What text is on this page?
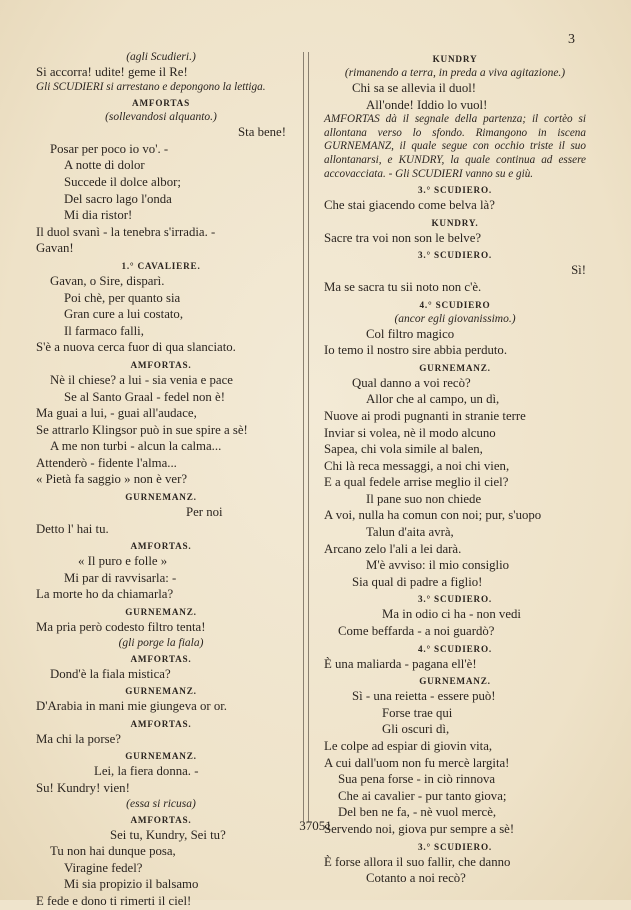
3
(agli Scudieri.)
Si accorra! udite! geme il Re!
Gli SCUDIERI si arrestano e depongono la lettiga.
AMFORTAS
(sollevandosi alquanto.)
Sta bene!
Posar per poco io vo'. -
A notte di dolor
Succede il dolce albor;
Del sacro lago l'onda
Mi dia ristor!
Il duol svanì - la tenebra s'irradia. -
Gavan!
1.° CAVALIERE.
Gavan, o Sire, disparì.
Poi chè, per quanto sia
Gran cure a lui costato,
Il farmaco falli,
S'è a nuova cerca fuor di qua slanciato.
AMFORTAS.
Nè il chiese? a lui - sia venia e pace
Se al Santo Graal - fedel non è!
Ma guai a lui, - guai all'audace,
Se attrarlo Klingsor può in sue spire a sè!
A me non turbi - alcun la calma...
Attenderò - fidente l'alma...
« Pietà fa saggio » non è ver?
GURNEMANZ.
Per noi
Detto l' hai tu.
AMFORTAS.
« Il puro e folle »
Mi par di ravvisarla: -
La morte ho da chiamarla?
GURNEMANZ.
Ma pria però codesto filtro tenta!
(gli porge la fiala)
AMFORTAS.
Dond'è la fiala mistica?
GURNEMANZ.
D'Arabia in mani mie giungeva or or.
AMFORTAS.
Ma chi la porse?
GURNEMANZ.
Lei, la fiera donna. -
Su! Kundry! vien!
(essa si ricusa)
AMFORTAS.
Sei tu, Kundry, Sei tu?
Tu non hai dunque posa,
Viragine fedel?
Mi sia propizio il balsamo
E fede e dono ti rimerti il ciel!
KUNDRY
(rimanendo a terra, in preda a viva agitazione.)
Chi sa se allevia il duol!
All'onde! Iddio lo vuol!
AMFORTAS dà il segnale della partenza; il cortèo si allontana verso lo sfondo. Rimangono in iscena GURNEMANZ, il quale segue con occhio triste il suo allontanarsi, e KUNDRY, la quale continua ad essere accovacciata. - Gli SCUDIERI vanno su e giù.
3.° SCUDIERO.
Che stai giacendo come belva là?
KUNDRY.
Sacre tra voi non son le belve?
3.° SCUDIERO.
Sì!
Ma se sacra tu sii noto non c'è.
4.° SCUDIERO
(ancor egli giovanissimo.)
Col filtro magico
Io temo il nostro sire abbia perduto.
GURNEMANZ.
Qual danno a voi recò?
Allor che al campo, un dì,
Nuove ai prodi pugnanti in stranie terre
Inviar si volea, nè il modo alcuno
Sapea, chi vola simile al balen,
Chi là reca messaggi, a noi chi vien,
E a qual fedele arrise meglio il ciel?
Il pane suo non chiede
A voi, nulla ha comun con noi; pur, s'uopo
Talun d'aita avrà,
Arcano zelo l'ali a lei darà.
M'è avviso: il mio consiglio
Sia qual di padre a figlio!
3.° SCUDIERO.
Ma in odio ci ha - non vedi
Come beffarda - a noi guardò?
4.° SCUDIERO.
È una maliarda - pagana ell'è!
GURNEMANZ.
Sì - una reietta - essere può!
Forse trae qui
Gli oscuri dì,
Le colpe ad espiar di giovin vita,
A cui dall'uom non fu mercè largita!
Sua pena forse - in ciò rinnova
Che ai cavalier - pur tanto giova;
Del ben ne fa, - nè vuol mercè,
Servendo noi, giova pur sempre a sè!
3.° SCUDIERO.
È forse allora il suo fallir, che danno
Cotanto a noi recò?
37051
